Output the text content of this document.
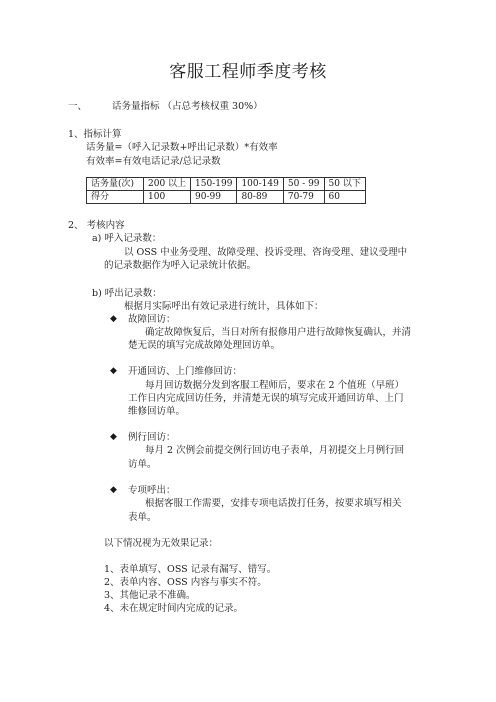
客服工程师季度考核
一、	话务量指标 （占总考核权重 30%）
1、指标计算
话务量=（呼入记录数+呼出记录数）*有效率
有效率=有效电话记录/总记录数
话务量(次)	200 以上	150-199	100-149	50 - 99	50 以下
得分	100	90-99	80-89	70-79	60
2、 考核内容
a) 呼入记录数：
以 OSS 中业务受理、故障受理、投诉受理、咨询受理、建议受理中
的记录数据作为呼入记录统计依据。
b) 呼出记录数：
根据月实际呼出有效记录进行统计，具体如下：
◆ 故障回访：
确定故障恢复后，当日对所有报修用户进行故障恢复确认，并清
楚无误的填写完成故障处理回访单。
◆ 开通回访、上门维修回访：
每月回访数据分发到客服工程师后，要求在 2 个值班（早班）
工作日内完成回访任务，并清楚无误的填写完成开通回访单、上门
维修回访单。
◆ 例行回访：
每月 2 次例会前提交例行回访电子表单，月初提交上月例行回
访单。
◆ 专项呼出：
根据客服工作需要，安排专项电话拨打任务，按要求填写相关
表单。
以下情况视为无效果记录：
1、表单填写、OSS 记录有漏写、错写。
2、表单内容、OSS 内容与事实不符。
3、其他记录不准确。
4、未在规定时间内完成的记录。
